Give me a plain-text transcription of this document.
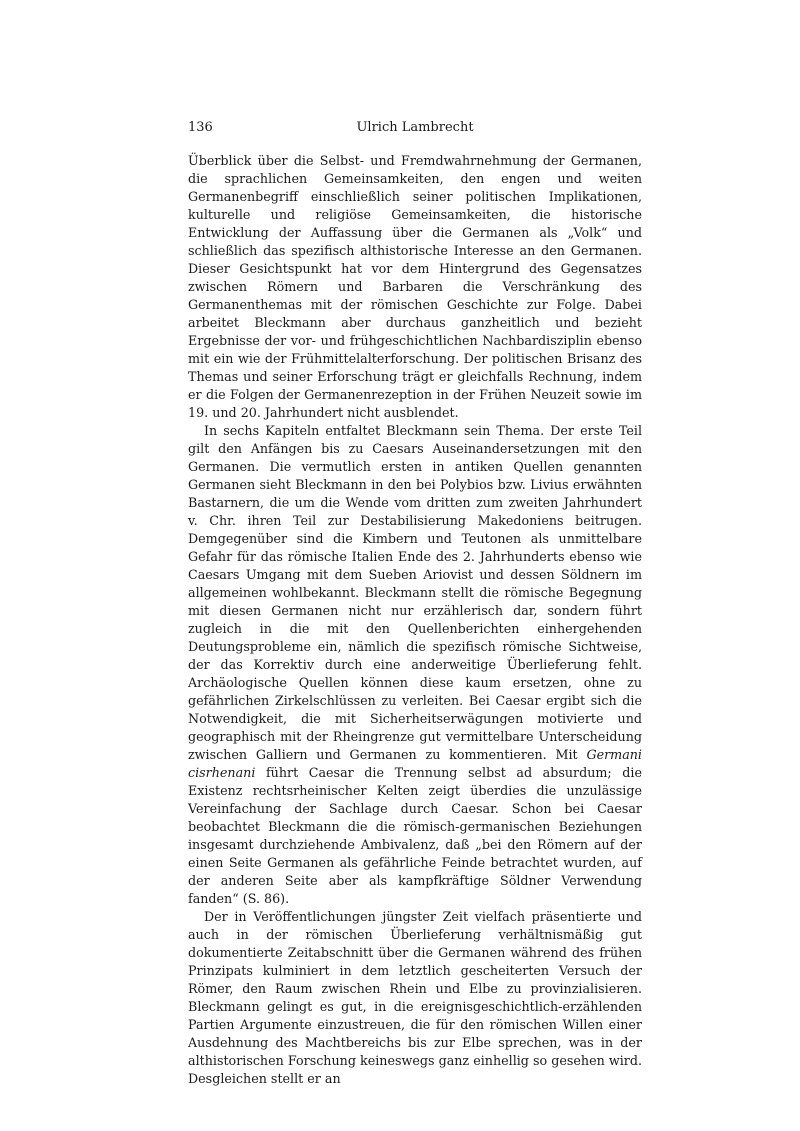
136	Ulrich Lambrecht

Überblick über die Selbst- und Fremdwahrnehmung der Germanen, die sprachlichen Gemeinsamkeiten, den engen und weiten Germanenbegriff einschließlich seiner politischen Implikationen, kulturelle und religiöse Gemeinsamkeiten, die historische Entwicklung der Auffassung über die Germanen als „Volk“ und schließlich das spezifisch althistorische Interesse an den Germanen. Dieser Gesichtspunkt hat vor dem Hintergrund des Gegensatzes zwischen Römern und Barbaren die Verschränkung des Germanenthemas mit der römischen Geschichte zur Folge. Dabei arbeitet Bleckmann aber durchaus ganzheitlich und bezieht Ergebnisse der vor- und frühgeschichtlichen Nachbardisziplin ebenso mit ein wie der Frühmittelalterforschung. Der politischen Brisanz des Themas und seiner Erforschung trägt er gleichfalls Rechnung, indem er die Folgen der Germanenrezeption in der Frühen Neuzeit sowie im 19. und 20. Jahrhundert nicht ausblendet.

In sechs Kapiteln entfaltet Bleckmann sein Thema. Der erste Teil gilt den Anfängen bis zu Caesars Auseinandersetzungen mit den Germanen. Die vermutlich ersten in antiken Quellen genannten Germanen sieht Bleckmann in den bei Polybios bzw. Livius erwähnten Bastarnern, die um die Wende vom dritten zum zweiten Jahrhundert v. Chr. ihren Teil zur Destabilisierung Makedoniens beitrugen. Demgegenüber sind die Kimbern und Teutonen als unmittelbare Gefahr für das römische Italien Ende des 2. Jahrhunderts ebenso wie Caesars Umgang mit dem Sueben Ariovist und dessen Söldnern im allgemeinen wohlbekannt. Bleckmann stellt die römische Begegnung mit diesen Germanen nicht nur erzählerisch dar, sondern führt zugleich in die mit den Quellenberichten einhergehenden Deutungsprobleme ein, nämlich die spezifisch römische Sichtweise, der das Korrektiv durch eine anderweitige Überlieferung fehlt. Archäologische Quellen können diese kaum ersetzen, ohne zu gefährlichen Zirkelschlüssen zu verleiten. Bei Caesar ergibt sich die Notwendigkeit, die mit Sicherheitserwägungen motivierte und geographisch mit der Rheingrenze gut vermittelbare Unterscheidung zwischen Galliern und Germanen zu kommentieren. Mit Germani cisrhenani führt Caesar die Trennung selbst ad absurdum; die Existenz rechtsrheinischer Kelten zeigt überdies die unzulässige Vereinfachung der Sachlage durch Caesar. Schon bei Caesar beobachtet Bleckmann die die römisch-germanischen Beziehungen insgesamt durchziehende Ambivalenz, daß „bei den Römern auf der einen Seite Germanen als gefährliche Feinde betrachtet wurden, auf der anderen Seite aber als kampfkräftige Söldner Verwendung fanden“ (S. 86).

Der in Veröffentlichungen jüngster Zeit vielfach präsentierte und auch in der römischen Überlieferung verhältnismäßig gut dokumentierte Zeitabschnitt über die Germanen während des frühen Prinzipats kulminiert in dem letztlich gescheiterten Versuch der Römer, den Raum zwischen Rhein und Elbe zu provinzialisieren. Bleckmann gelingt es gut, in die ereignisgeschichtlich-erzählenden Partien Argumente einzustreuen, die für den römischen Willen einer Ausdehnung des Machtbereichs bis zur Elbe sprechen, was in der althistorischen Forschung keineswegs ganz einhellig so gesehen wird. Desgleichen stellt er an
